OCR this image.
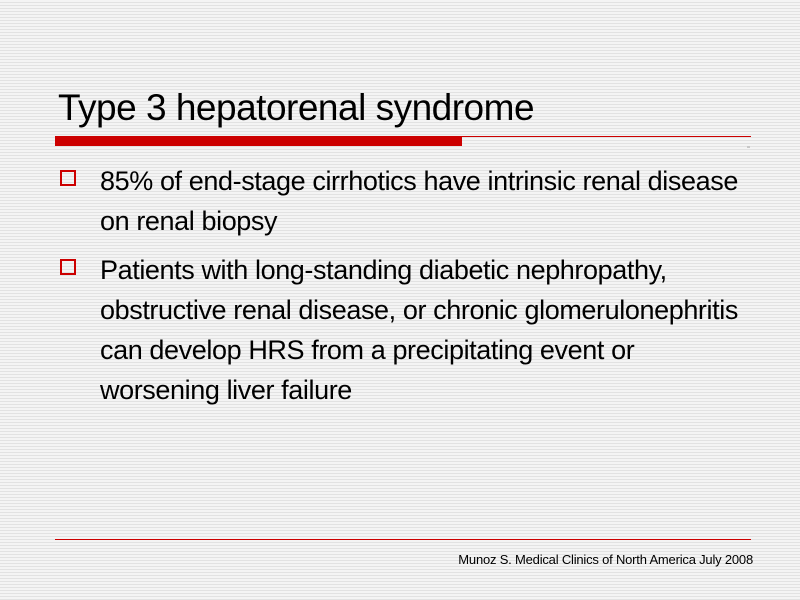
Type 3 hepatorenal syndrome
85% of end-stage cirrhotics have intrinsic renal disease on renal biopsy
Patients with long-standing diabetic nephropathy, obstructive renal disease, or chronic glomerulonephritis can develop HRS from a precipitating event or worsening liver failure
Munoz S. Medical Clinics of North America July 2008
